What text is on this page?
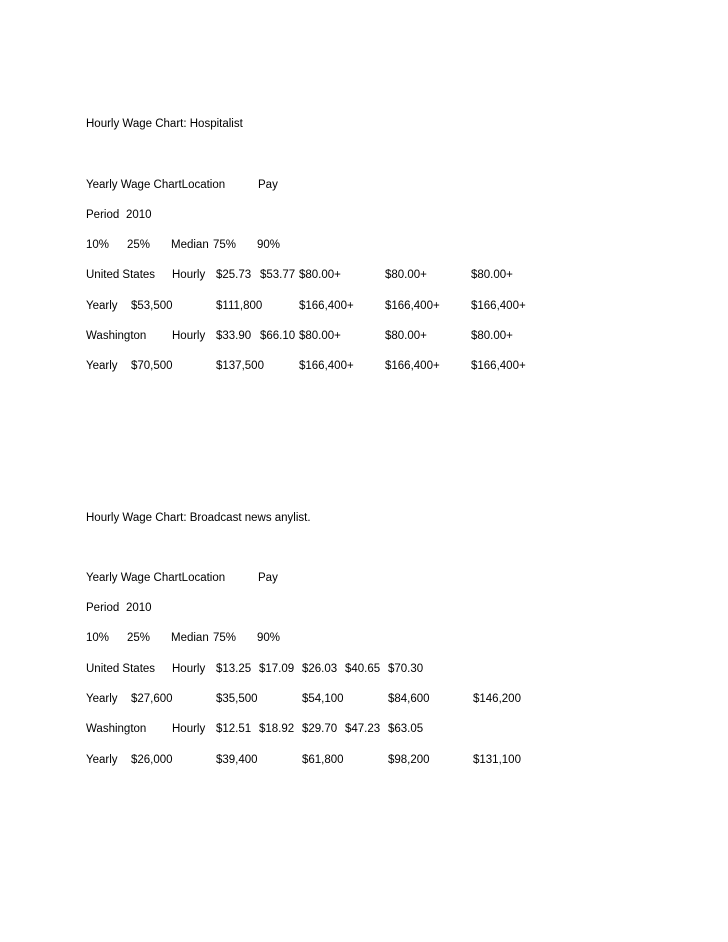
Hourly Wage Chart: Hospitalist
Yearly Wage ChartLocation	Pay
Period 2010
10% 25% Median 75% 90%
United States Hourly $25.73 $53.77 $80.00+	$80.00+	$80.00+
Yearly $53,500	$111,800	$166,400+	$166,400+	$166,400+
Washington Hourly $33.90 $66.10 $80.00+	$80.00+	$80.00+
Yearly $70,500	$137,500	$166,400+	$166,400+	$166,400+
Hourly Wage Chart: Broadcast news anylist.
Yearly Wage ChartLocation	Pay
Period 2010
10% 25% Median 75% 90%
United States Hourly $13.25 $17.09 $26.03 $40.65 $70.30
Yearly $27,600	$35,500	$54,100	$84,600	$146,200
Washington Hourly $12.51 $18.92 $29.70 $47.23 $63.05
Yearly $26,000	$39,400	$61,800	$98,200	$131,100
